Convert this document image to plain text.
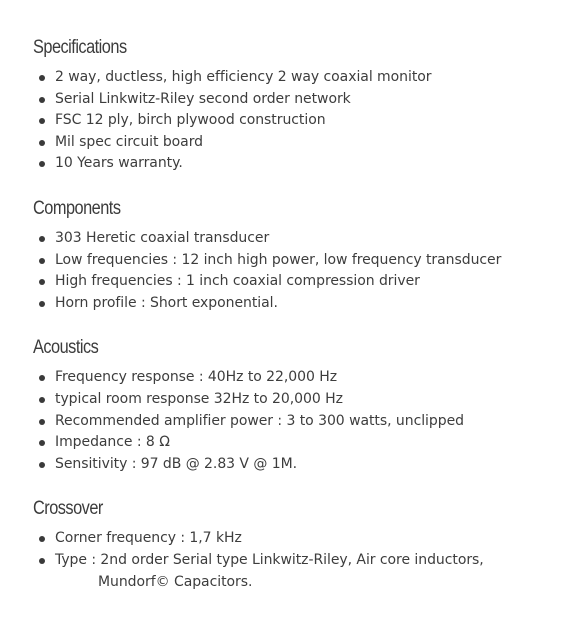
Specifications
2 way, ductless, high efficiency 2 way coaxial monitor
Serial Linkwitz-Riley second order network
FSC 12 ply, birch plywood construction
Mil spec circuit board
10 Years warranty.
Components
303 Heretic coaxial transducer
Low frequencies : 12 inch high power, low frequency transducer
High frequencies : 1 inch coaxial compression driver
Horn profile : Short exponential.
Acoustics
Frequency response : 40Hz to 22,000 Hz
typical room response 32Hz to 20,000 Hz
Recommended amplifier power : 3 to 300 watts, unclipped
Impedance : 8 Ω
Sensitivity : 97 dB @ 2.83 V @ 1M.
Crossover
Corner frequency : 1,7 kHz
Type : 2nd order Serial type Linkwitz-Riley, Air core inductors,
Mundorf© Capacitors.
